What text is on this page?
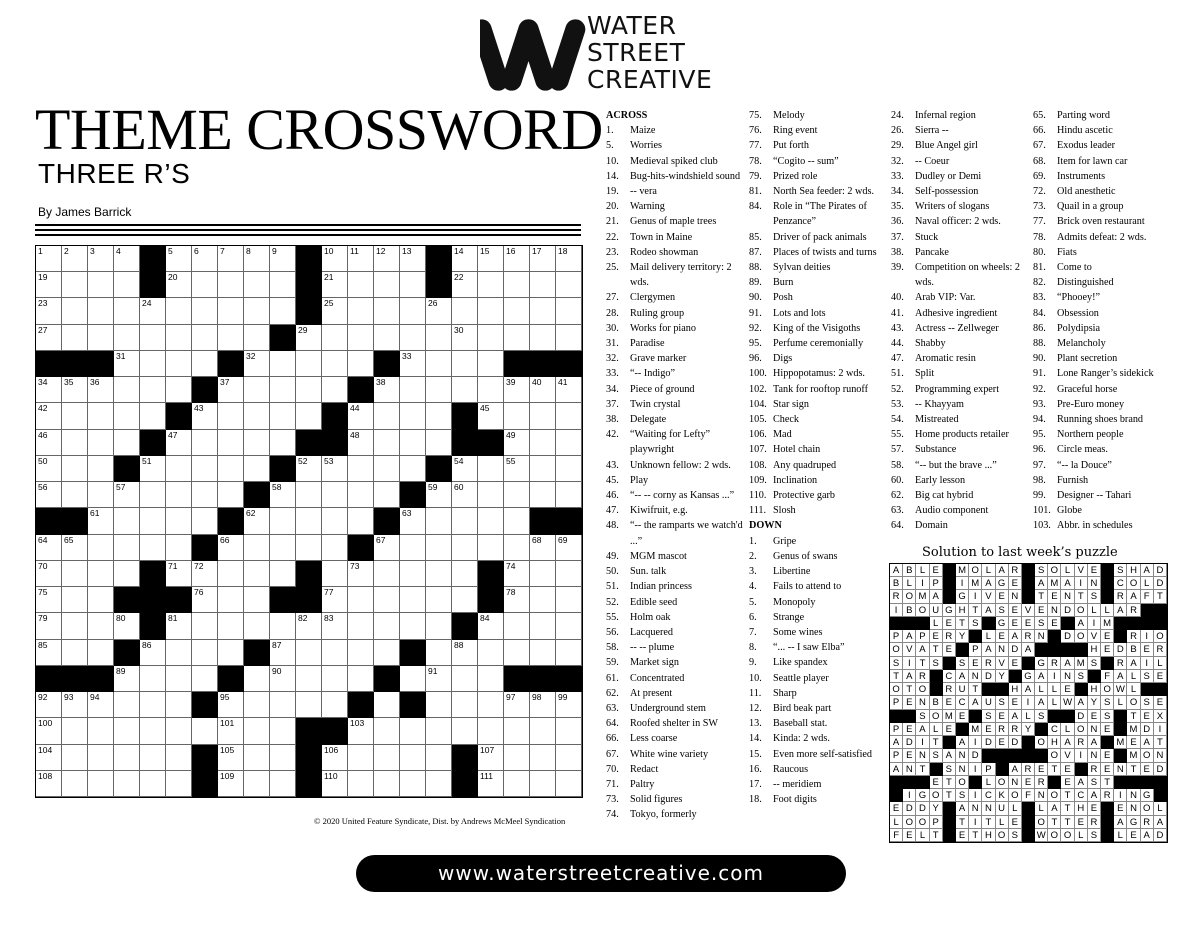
WATER
STREET
CREATIVE
THEME CROSSWORD
THREE R’S
By James Barrick
1	2	3	4	5	6	7	8	9	10 11 12 13	14 15 16 17 18
19	20	21	22
23	24	25	26
27	29	30
31	32	33
34 35 36	37	38	39 40 41
42	43	44	45
46	47	48	49
50	51	52 53	54	55
56	57	58	59 60
61	62	63
64 65	66	67	68 69
70	71 72	73	74
75	76	77	78
79	80	81	82 83	84
85	86	87	88
89	90	91
92 93 94	95	97 98 99
100	101	103
104	105	106	107
108	109	110	111
© 2020 United Feature Syndicate, Dist. by Andrews McMeel Syndication
ACROSS
1.	Maize
5.	Worries
10.	Medieval spiked club
14.	Bug-hits-windshield sound
19.	-- vera
20.	Warning
21.	Genus of maple trees
22.	Town in Maine
23.	Rodeo showman
25.	Mail delivery territory: 2 wds.
27.	Clergymen
28.	Ruling group
30.	Works for piano
31.	Paradise
32.	Grave marker
33.	“-- Indigo”
34.	Piece of ground
37.	Twin crystal
38.	Delegate
42.	“Waiting for Lefty” playwright
43.	Unknown fellow: 2 wds.
45.	Play
46.	“-- -- corny as Kansas ...”
47.	Kiwifruit, e.g.
48.	“-- the ramparts we watch'd ...”
49.	MGM mascot
50.	Sun. talk
51.	Indian princess
52.	Edible seed
55.	Holm oak
56.	Lacquered
58.	-- -- plume
59.	Market sign
61.	Concentrated
62.	At present
63.	Underground stem
64.	Roofed shelter in SW
66.	Less coarse
67.	White wine variety
70.	Redact
71.	Paltry
73.	Solid figures
74.	Tokyo, formerly
75.	Melody
76.	Ring event
77.	Put forth
78.	“Cogito -- sum”
79.	Prized role
81.	North Sea feeder: 2 wds.
84.	Role in “The Pirates of Penzance”
85.	Driver of pack animals
87.	Places of twists and turns
88.	Sylvan deities
89.	Burn
90.	Posh
91.	Lots and lots
92.	King of the Visigoths
95.	Perfume ceremonially
96.	Digs
100. Hippopotamus: 2 wds.
102. Tank for rooftop runoff
104. Star sign
105. Check
106. Mad
107. Hotel chain
108. Any quadruped
109. Inclination
110. Protective garb
111. Slosh
DOWN
1.	Gripe
2.	Genus of swans
3.	Libertine
4.	Fails to attend to
5.	Monopoly
6.	Strange
7.	Some wines
8.	“... -- I saw Elba”
9.	Like spandex
10.	Seattle player
11.	Sharp
12.	Bird beak part
13.	Baseball stat.
14.	Kinda: 2 wds.
15.	Even more self-satisfied
16.	Raucous
17.	-- meridiem
18.	Foot digits
24.	Infernal region
26.	Sierra --
29.	Blue Angel girl
32.	-- Coeur
33.	Dudley or Demi
34.	Self-possession
35.	Writers of slogans
36.	Naval officer: 2 wds.
37.	Stuck
38.	Pancake
39.	Competition on wheels: 2 wds.
40.	Arab VIP: Var.
41.	Adhesive ingredient
43.	Actress -- Zellweger
44.	Shabby
47.	Aromatic resin
51.	Split
52.	Programming expert
53.	-- Khayyam
54.	Mistreated
55.	Home products retailer
57.	Substance
58.	“-- but the brave ...”
60.	Early lesson
62.	Big cat hybrid
63.	Audio component
64.	Domain
65.	Parting word
66.	Hindu ascetic
67.	Exodus leader
68.	Item for lawn car
69.	Instruments
72.	Old anesthetic
73.	Quail in a group
77.	Brick oven restaurant
78.	Admits defeat: 2 wds.
80.	Fiats
81.	Come to
82.	Distinguished
83.	“Phooey!”
84.	Obsession
86.	Polydipsia
88.	Melancholy
90.	Plant secretion
91.	Lone Ranger’s sidekick
92.	Graceful horse
93.	Pre-Euro money
94.	Running shoes brand
95.	Northern people
96.	Circle meas.
97.	“-- la Douce”
98.	Furnish
99.	Designer -- Tahari
101. Globe
103. Abbr. in schedules
Solution to last week’s puzzle
A B L E	M O L A R	S O L V E	S H A D
B L I P	I M A G E	A M A I N	C O L D
R O M A	G I V E N	T E N T S	R A F T
I B O U G H T A S E V E N D O L L A R
L E T S	G E E S E	A I M
P A P E R Y	L E A R N	D O V E	R I O
O V A T E	P A N D A	H E D B E R
S I T S	S E R V E	G R A M S	R A I L
T A R	C A N D Y	G A I N S	F A L S E
O T O	R U T	H A L L E	H O W L
P E N B E C A U S E I A L W A Y S L O S E
S O M E	S E A L S	D E S	T E X
P E A L E	M E R R Y	C L O N E	M D I
A D I T	A I D E D	O H A R A	M E A T
P E N S A N D	O V I N E	M O N
A N T	S N I P	A R E T E	R E N T E D
E T O	L O N E R	E A S T
I G O T S I C K O F N O T C A R I N G
E D D Y	A N N U L	L A T H E	E N O L
L O O P	T I T L E	O T T E R	A G R A
F E L T	E T H O S	W O O L S	L E A D
www.waterstreetcreative.com
